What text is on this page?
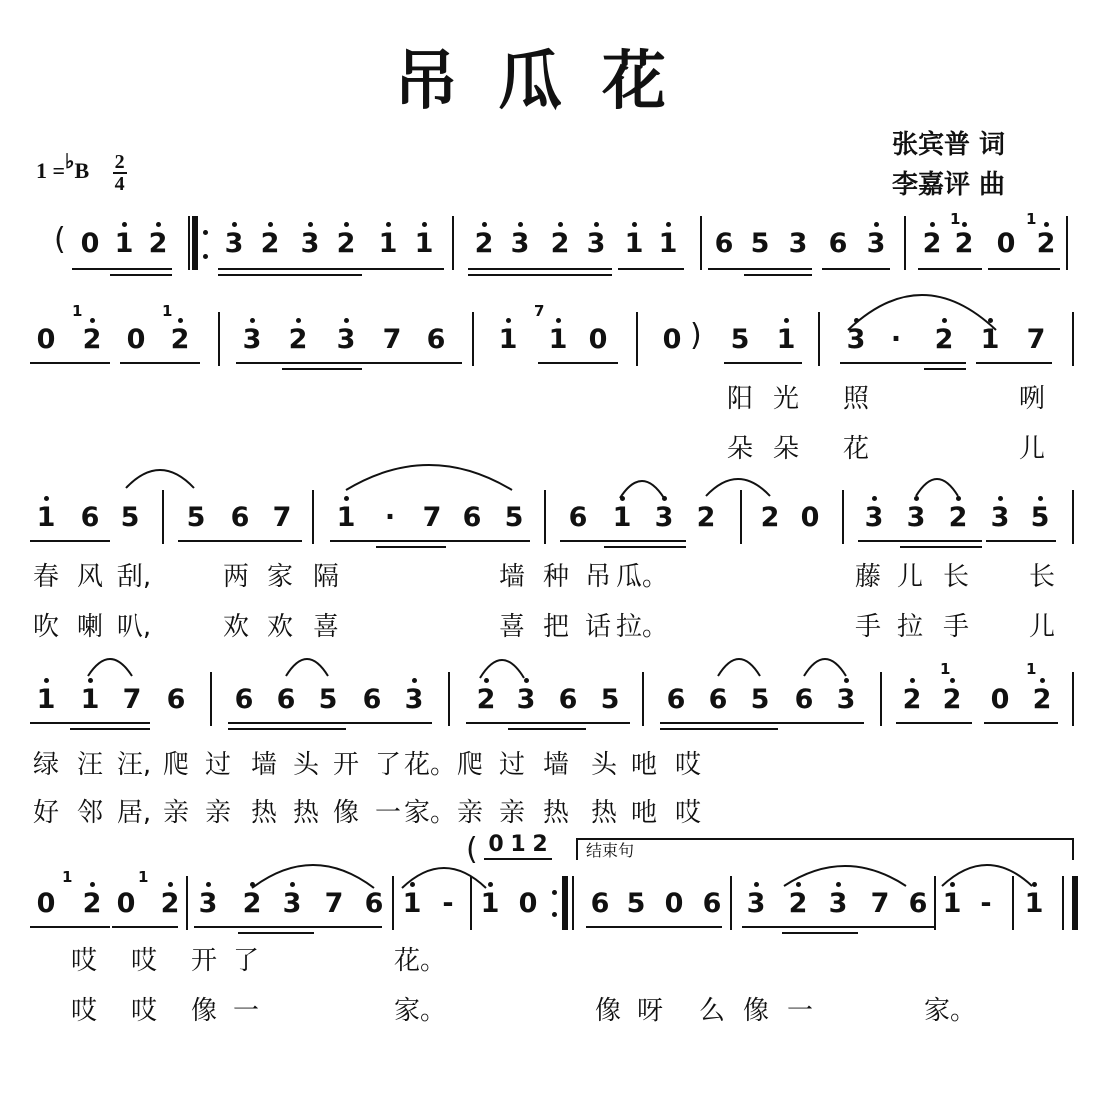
吊瓜花
张宾普 词
李嘉评 曲
1 =♭B $\frac{2}{4}$
( 0 1 2 3 2 3 2 1 1 2 3 2 3 1 1 6 5 3 6 3 2 2 0 2
1	1
0 2 0 2 3 2 3 7 6 1 1 0 0 5 1 3 · 2 1 7
1	1	7
)
阳 光 照	咧
朵 朵 花	儿
1 6 5 5 6 7 1 · 7 6 5 6 1 3 2 2 0 3 3 2 3 5
春 风 刮,	两 家 隔	墙 种 吊 瓜。	藤 儿 长 长
吹 喇 叭,	欢 欢 喜	喜 把 话 拉。	手 拉 手 儿
1 1 7 6 6 6 5 6 3 2 3 6 5 6 6 5 6 3 2 2 0 2
1	1
绿 汪 汪, 爬 过 墙 头 开 了 花。 爬 过 墙 头 吔 哎
好 邻 居, 亲 亲 热 热 像 一 家。 亲 亲 热 热 吔 哎
0 2 0 2 3 2 3 7 6 1 - 1 0 6 5 0 6 3 2 3 7 6 1 - 1
1	1
( 0 1 2
哎 哎 开 了	花。
哎 哎 像 一	家。	像 呀 么 像 一	家。
结束句
